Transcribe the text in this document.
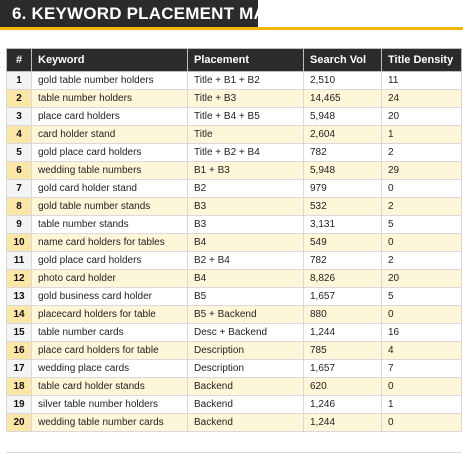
6. KEYWORD PLACEMENT MAP
#	Keyword	Placement	Search Vol	Title Density
1	gold table number holders	Title + B1 + B2	2,510	11
2	table number holders	Title + B3	14,465	24
3	place card holders	Title + B4 + B5	5,948	20
4	card holder stand	Title	2,604	1
5	gold place card holders	Title + B2 + B4	782	2
6	wedding table numbers	B1 + B3	5,948	29
7	gold card holder stand	B2	979	0
8	gold table number stands	B3	532	2
9	table number stands	B3	3,131	5
10	name card holders for tables	B4	549	0
11	gold place card holders	B2 + B4	782	2
12	photo card holder	B4	8,826	20
13	gold business card holder	B5	1,657	5
14	placecard holders for table	B5 + Backend	880	0
15	table number cards	Desc + Backend	1,244	16
16	place card holders for table	Description	785	4
17	wedding place cards	Description	1,657	7
18	table card holder stands	Backend	620	0
19	silver table number holders	Backend	1,246	1
20	wedding table number cards	Backend	1,244	0
